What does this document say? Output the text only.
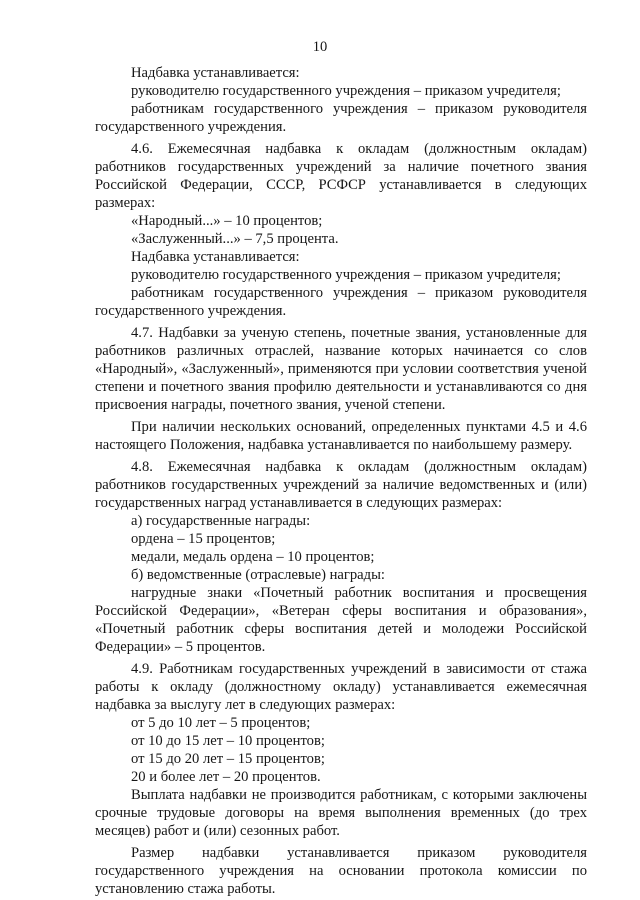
10

Надбавка устанавливается:

руководителю государственного учреждения – приказом учредителя;

работникам государственного учреждения – приказом руководителя государственного учреждения.

4.6. Ежемесячная надбавка к окладам (должностным окладам) работников государственных учреждений за наличие почетного звания Российской Федерации, СССР, РСФСР устанавливается в следующих размерах:

«Народный...» – 10 процентов;

«Заслуженный...» – 7,5 процента.

Надбавка устанавливается:

руководителю государственного учреждения – приказом учредителя;

работникам государственного учреждения – приказом руководителя государственного учреждения.

4.7. Надбавки за ученую степень, почетные звания, установленные для работников различных отраслей, название которых начинается со слов «Народный», «Заслуженный», применяются при условии соответствия ученой степени и почетного звания профилю деятельности и устанавливаются со дня присвоения награды, почетного звания, ученой степени.

При наличии нескольких оснований, определенных пунктами 4.5 и 4.6 настоящего Положения, надбавка устанавливается по наибольшему размеру.

4.8. Ежемесячная надбавка к окладам (должностным окладам) работников государственных учреждений за наличие ведомственных и (или) государственных наград устанавливается в следующих размерах:

а) государственные награды:

ордена – 15 процентов;

медали, медаль ордена – 10 процентов;

б) ведомственные (отраслевые) награды:

нагрудные знаки «Почетный работник воспитания и просвещения Российской Федерации», «Ветеран сферы воспитания и образования», «Почетный работник сферы воспитания детей и молодежи Российской Федерации» – 5 процентов.

4.9. Работникам государственных учреждений в зависимости от стажа работы к окладу (должностному окладу) устанавливается ежемесячная надбавка за выслугу лет в следующих размерах:

от 5 до 10 лет – 5 процентов;

от 10 до 15 лет – 10 процентов;

от 15 до 20 лет – 15 процентов;

20 и более лет – 20 процентов.

Выплата надбавки не производится работникам, с которыми заключены срочные трудовые договоры на время выполнения временных (до трех месяцев) работ и (или) сезонных работ.

Размер надбавки устанавливается приказом руководителя государственного учреждения на основании протокола комиссии по установлению стажа работы.
